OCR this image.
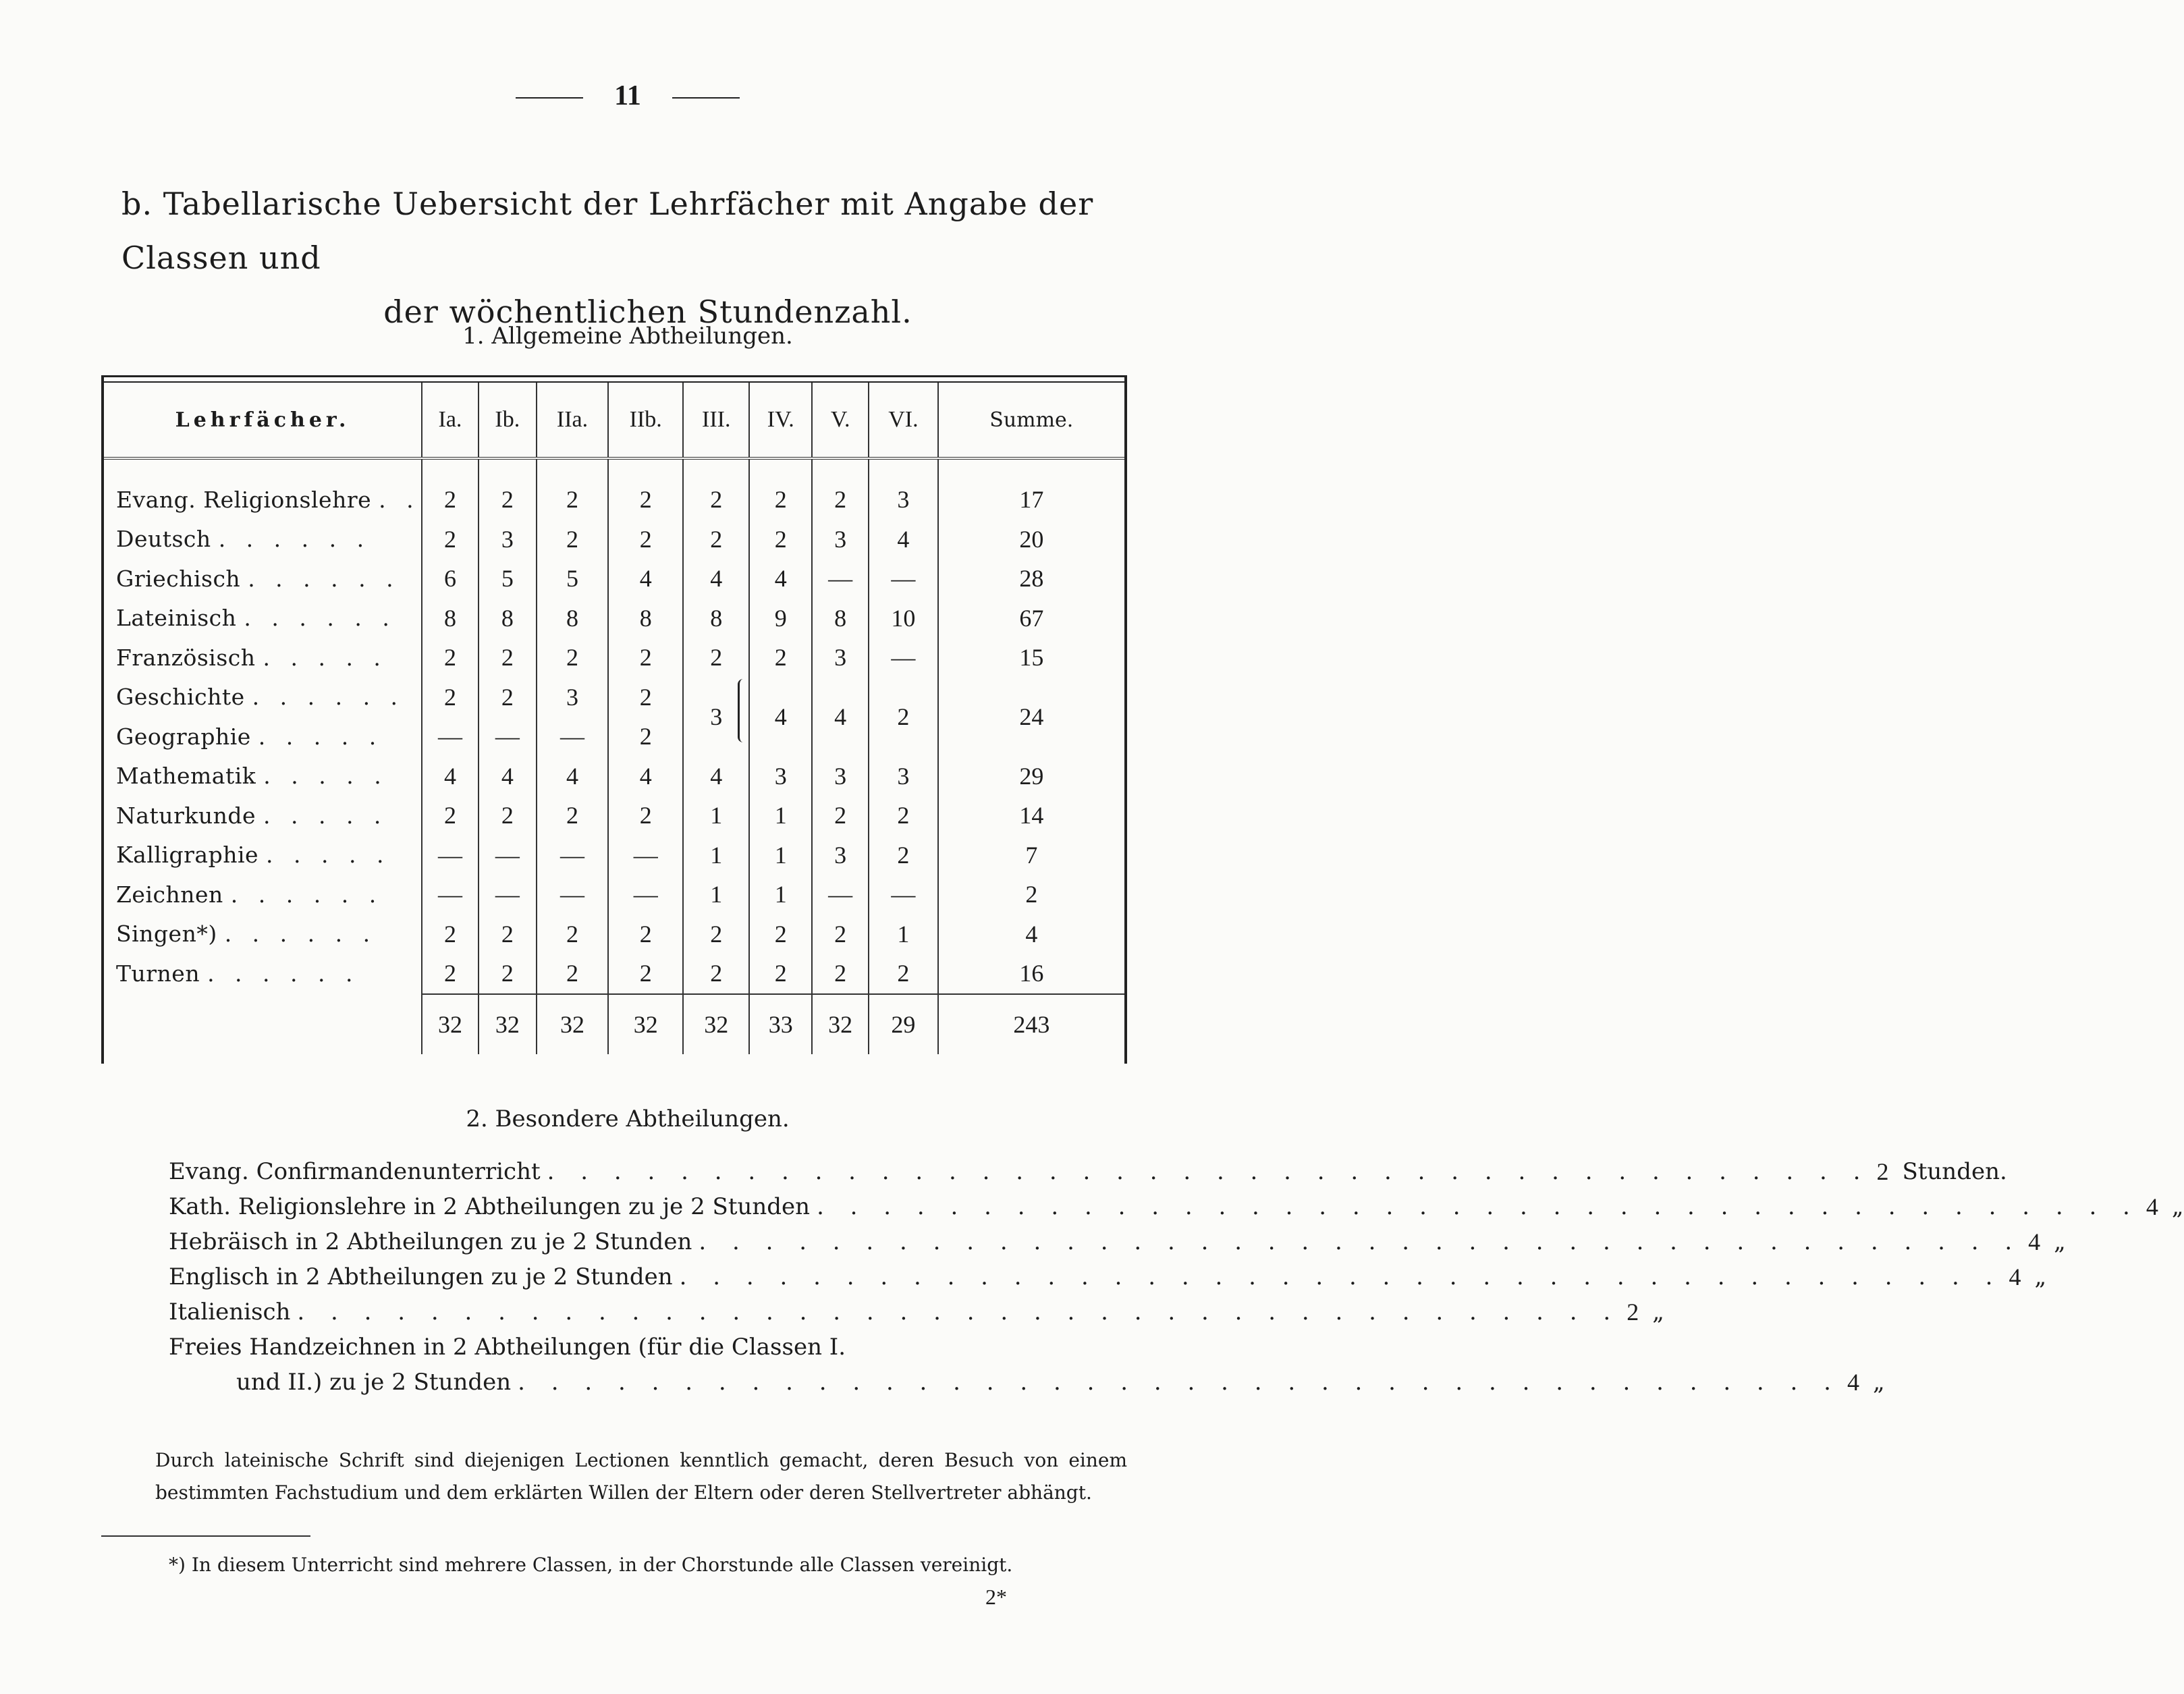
11
b. Tabellarische Uebersicht der Lehrfächer mit Angabe der Classen und
der wöchentlichen Stundenzahl.
1. Allgemeine Abtheilungen.
Lehrfächer.	Ia.	Ib.	IIa.	IIb.	III.	IV.	V.	VI.	Summe.
Evang. Religionslehre . .	2	2	2	2	2	2	2	3	17
Deutsch . . . . . .	2	3	2	2	2	2	3	4	20
Griechisch . . . . . .	6	5	5	4	4	4	—	—	28
Lateinisch . . . . . .	8	8	8	8	8	9	8	10	67
Französisch . . . . .	2	2	2	2	2	2	3	—	15
Geschichte . . . . . .	2	2	3	2	3	4	4	2	24
Geographie . . . . .	—	—	—	2					
Mathematik . . . . .	4	4	4	4	4	3	3	3	29
Naturkunde . . . . .	2	2	2	2	1	1	2	2	14
Kalligraphie . . . . .	—	—	—	—	1	1	3	2	7
Zeichnen . . . . . .	—	—	—	—	1	1	—	—	2
Singen*) . . . . . .	2	2	2	2	2	2	2	1	4
Turnen . . . . . .	2	2	2	2	2	2	2	2	16
	32	32	32	32	32	33	32	29	243
2. Besondere Abtheilungen.
Evang. Confirmandenunterricht . . . . . . . . . . . . . . . . . . . . . . . . . . . . . . . . . . . . . . . . 2 Stunden.
Kath. Religionslehre in 2 Abtheilungen zu je 2 Stunden . . . . . . . . . . . . . . . . . . . . . . . . . . . . . . . . . . . . . . . . 4 „
Hebräisch in 2 Abtheilungen zu je 2 Stunden . . . . . . . . . . . . . . . . . . . . . . . . . . . . . . . . . . . . . . . . 4 „
Englisch in 2 Abtheilungen zu je 2 Stunden . . . . . . . . . . . . . . . . . . . . . . . . . . . . . . . . . . . . . . . . 4 „
Italienisch . . . . . . . . . . . . . . . . . . . . . . . . . . . . . . . . . . . . . . . . 2 „
Freies Handzeichnen in 2 Abtheilungen (für die Classen I.
und II.) zu je 2 Stunden . . . . . . . . . . . . . . . . . . . . . . . . . . . . . . . . . . . . . . . . 4 „
Durch lateinische Schrift sind diejenigen Lectionen kenntlich gemacht, deren Besuch von einem bestimmten Fachstudium und dem erklärten Willen der Eltern oder deren Stellvertreter abhängt.
*) In diesem Unterricht sind mehrere Classen, in der Chorstunde alle Classen vereinigt.
2*
